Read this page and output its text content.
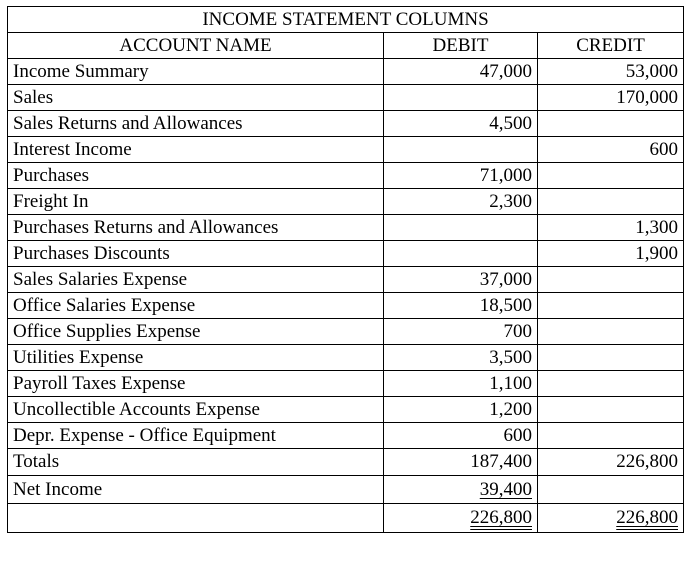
INCOME STATEMENT COLUMNS		
ACCOUNT NAME	DEBIT	CREDIT
Income Summary	47,000	53,000
Sales		170,000
Sales Returns and Allowances	4,500	
Interest Income		600
Purchases	71,000	
Freight In	2,300	
Purchases Returns and Allowances		1,300
Purchases Discounts		1,900
Sales Salaries Expense	37,000	
Office Salaries Expense	18,500	
Office Supplies Expense	700	
Utilities Expense	3,500	
Payroll Taxes Expense	1,100	
Uncollectible Accounts Expense	1,200	
Depr. Expense - Office Equipment	600	
Totals	187,400	226,800
Net Income	39,400	
	226,800	226,800
